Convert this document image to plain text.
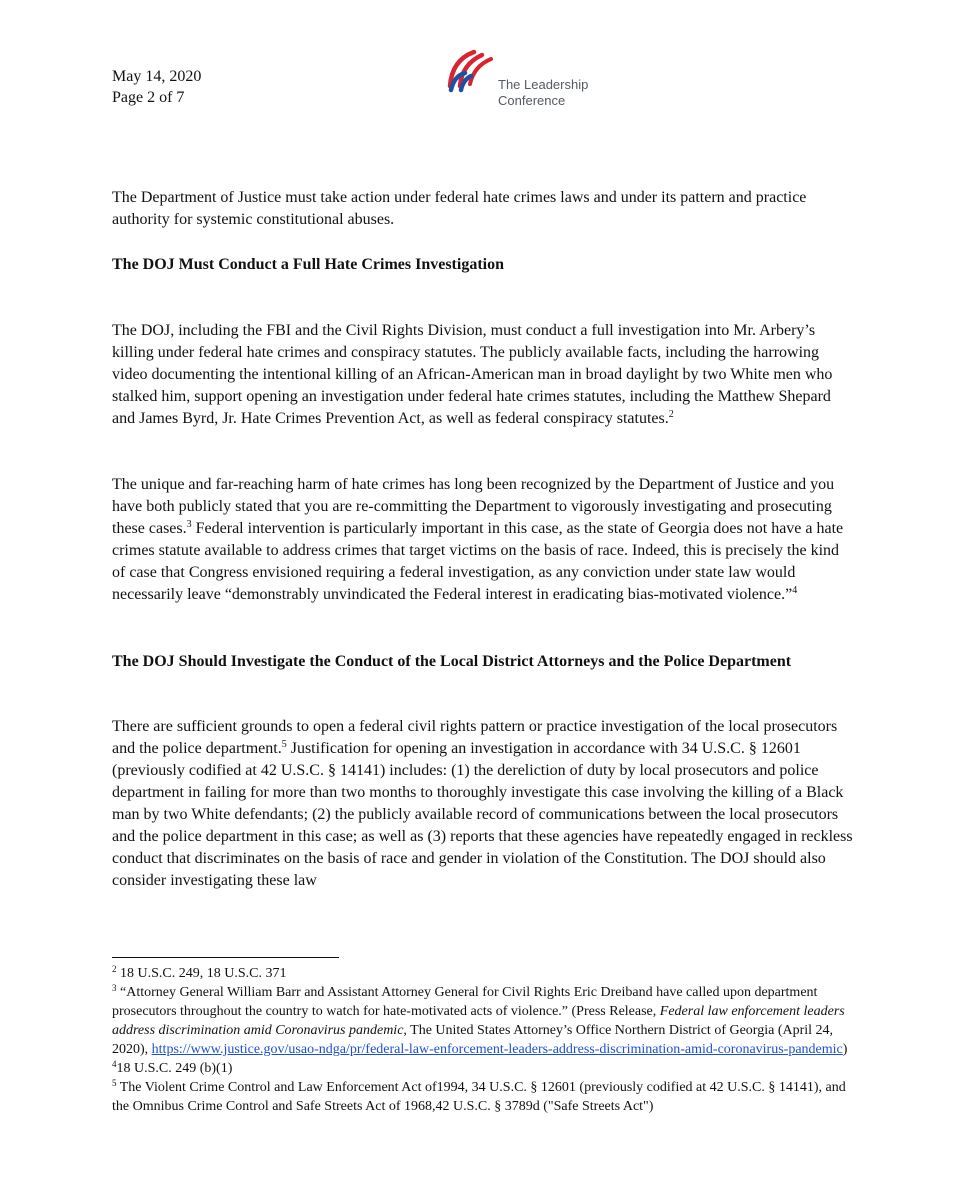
May 14, 2020
Page 2 of 7
The Leadership
Conference

The Department of Justice must take action under federal hate crimes laws and under its pattern and practice authority for systemic constitutional abuses.

The DOJ Must Conduct a Full Hate Crimes Investigation

The DOJ, including the FBI and the Civil Rights Division, must conduct a full investigation into Mr. Arbery’s killing under federal hate crimes and conspiracy statutes. The publicly available facts, including the harrowing video documenting the intentional killing of an African-American man in broad daylight by two White men who stalked him, support opening an investigation under federal hate crimes statutes, including the Matthew Shepard and James Byrd, Jr. Hate Crimes Prevention Act, as well as federal conspiracy statutes.$^2$

The unique and far-reaching harm of hate crimes has long been recognized by the Department of Justice and you have both publicly stated that you are re-committing the Department to vigorously investigating and prosecuting these cases.$^3$ Federal intervention is particularly important in this case, as the state of Georgia does not have a hate crimes statute available to address crimes that target victims on the basis of race. Indeed, this is precisely the kind of case that Congress envisioned requiring a federal investigation, as any conviction under state law would necessarily leave “demonstrably unvindicated the Federal interest in eradicating bias-motivated violence.”$^4$

The DOJ Should Investigate the Conduct of the Local District Attorneys and the Police Department

There are sufficient grounds to open a federal civil rights pattern or practice investigation of the local prosecutors and the police department.$^5$ Justification for opening an investigation in accordance with 34 U.S.C. § 12601 (previously codified at 42 U.S.C. § 14141) includes: (1) the dereliction of duty by local prosecutors and police department in failing for more than two months to thoroughly investigate this case involving the killing of a Black man by two White defendants; (2) the publicly available record of communications between the local prosecutors and the police department in this case; as well as (3) reports that these agencies have repeatedly engaged in reckless conduct that discriminates on the basis of race and gender in violation of the Constitution. The DOJ should also consider investigating these law

$^2$ 18 U.S.C. 249, 18 U.S.C. 371

$^3$ “Attorney General William Barr and Assistant Attorney General for Civil Rights Eric Dreiband have called upon department prosecutors throughout the country to watch for hate-motivated acts of violence.” (Press Release, Federal law enforcement leaders address discrimination amid Coronavirus pandemic, The United States Attorney’s Office Northern District of Georgia (April 24, 2020), https://www.justice.gov/usao-ndga/pr/federal-law-enforcement-leaders-address-discrimination-amid-coronavirus-pandemic)

$^4$18 U.S.C. 249 (b)(1)

$^5$ The Violent Crime Control and Law Enforcement Act of1994, 34 U.S.C. § 12601 (previously codified at 42 U.S.C. § 14141), and the Omnibus Crime Control and Safe Streets Act of 1968,42 U.S.C. § 3789d ("Safe Streets Act")
